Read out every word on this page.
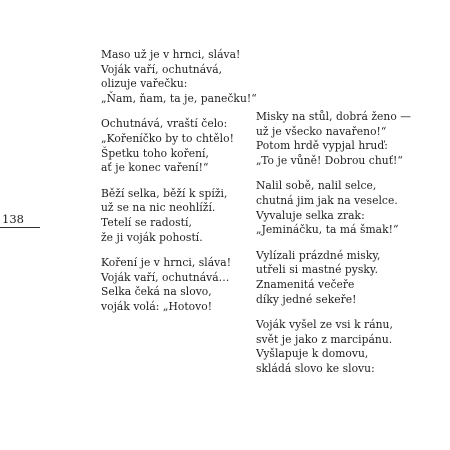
138
Maso už je v hrnci, sláva!
Voják vaří, ochutnává,
olizuje vařečku:
„Ňam, ňam, ta je, panečku!“
Ochutnává, vraští čelo:
„Kořeníčko by to chtělo!
Špetku toho koření,
ať je konec vaření!“
Běží selka, běží k spíži,
už se na nic neohlíží.
Tetelí se radostí,
že ji voják pohostí.
Koření je v hrnci, sláva!
Voják vaří, ochutnává…
Selka čeká na slovo,
voják volá: „Hotovo!
Misky na stůl, dobrá ženo —
už je všecko navařeno!“
Potom hrdě vypjal hruď:
„To je vůně! Dobrou chuť!“
Nalil sobě, nalil selce,
chutná jim jak na veselce.
Vyvaluje selka zrak:
„Jemináčku, ta má šmak!“
Vylízali prázdné misky,
utřeli si mastné pysky.
Znamenitá večeře
díky jedné sekeře!
Voják vyšel ze vsi k ránu,
svět je jako z marcipánu.
Vyšlapuje k domovu,
skládá slovo ke slovu:
